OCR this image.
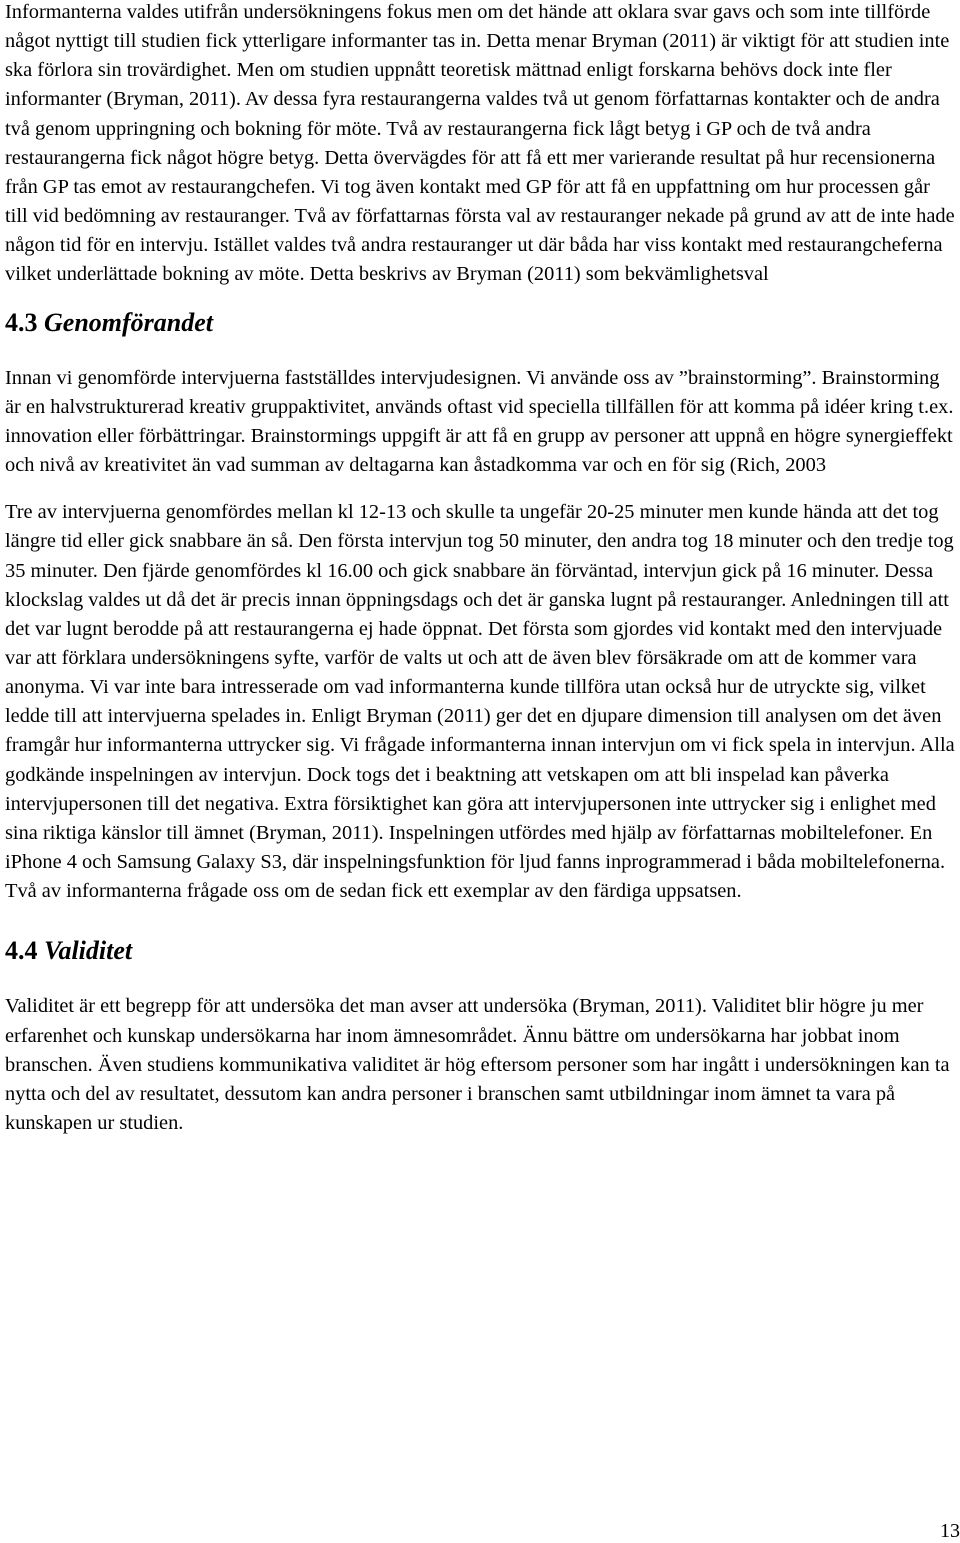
Informanterna valdes utifrån undersökningens fokus men om det hände att oklara svar gavs och som inte tillförde något nyttigt till studien fick ytterligare informanter tas in. Detta menar Bryman (2011) är viktigt för att studien inte ska förlora sin trovärdighet. Men om studien uppnått teoretisk mättnad enligt forskarna behövs dock inte fler informanter (Bryman, 2011). Av dessa fyra restaurangerna valdes två ut genom författarnas kontakter och de andra två genom uppringning och bokning för möte. Två av restaurangerna fick lågt betyg i GP och de två andra restaurangerna fick något högre betyg. Detta övervägdes för att få ett mer varierande resultat på hur recensionerna från GP tas emot av restaurangchefen. Vi tog även kontakt med GP för att få en uppfattning om hur processen går till vid bedömning av restauranger. Två av författarnas första val av restauranger nekade på grund av att de inte hade någon tid för en intervju. Istället valdes två andra restauranger ut där båda har viss kontakt med restaurangcheferna vilket underlättade bokning av möte. Detta beskrivs av Bryman (2011) som bekvämlighetsval

4.3 Genomförandet

Innan vi genomförde intervjuerna fastställdes intervjudesignen. Vi använde oss av ”brainstorming”. Brainstorming är en halvstrukturerad kreativ gruppaktivitet, används oftast vid speciella tillfällen för att komma på idéer kring t.ex. innovation eller förbättringar. Brainstormings uppgift är att få en grupp av personer att uppnå en högre synergieffekt och nivå av kreativitet än vad summan av deltagarna kan åstadkomma var och en för sig (Rich, 2003

Tre av intervjuerna genomfördes mellan kl 12-13 och skulle ta ungefär 20-25 minuter men kunde hända att det tog längre tid eller gick snabbare än så. Den första intervjun tog 50 minuter, den andra tog 18 minuter och den tredje tog 35 minuter. Den fjärde genomfördes kl 16.00 och gick snabbare än förväntad, intervjun gick på 16 minuter. Dessa klockslag valdes ut då det är precis innan öppningsdags och det är ganska lugnt på restauranger. Anledningen till att det var lugnt berodde på att restaurangerna ej hade öppnat. Det första som gjordes vid kontakt med den intervjuade var att förklara undersökningens syfte, varför de valts ut och att de även blev försäkrade om att de kommer vara anonyma. Vi var inte bara intresserade om vad informanterna kunde tillföra utan också hur de utryckte sig, vilket ledde till att intervjuerna spelades in. Enligt Bryman (2011) ger det en djupare dimension till analysen om det även framgår hur informanterna uttrycker sig. Vi frågade informanterna innan intervjun om vi fick spela in intervjun. Alla godkände inspelningen av intervjun. Dock togs det i beaktning att vetskapen om att bli inspelad kan påverka intervjupersonen till det negativa. Extra försiktighet kan göra att intervjupersonen inte uttrycker sig i enlighet med sina riktiga känslor till ämnet (Bryman, 2011). Inspelningen utfördes med hjälp av författarnas mobiltelefoner. En iPhone 4 och Samsung Galaxy S3, där inspelningsfunktion för ljud fanns inprogrammerad i båda mobiltelefonerna. Två av informanterna frågade oss om de sedan fick ett exemplar av den färdiga uppsatsen.

4.4 Validitet

Validitet är ett begrepp för att undersöka det man avser att undersöka (Bryman, 2011). Validitet blir högre ju mer erfarenhet och kunskap undersökarna har inom ämnesområdet. Ännu bättre om undersökarna har jobbat inom branschen. Även studiens kommunikativa validitet är hög eftersom personer som har ingått i undersökningen kan ta nytta och del av resultatet, dessutom kan andra personer i branschen samt utbildningar inom ämnet ta vara på kunskapen ur studien.

13
